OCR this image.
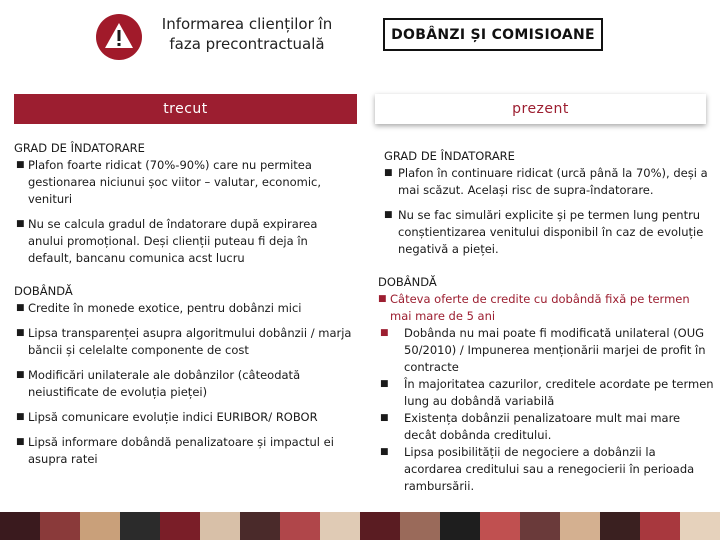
Informarea clienților în faza precontractuală
DOBÂNZI ȘI COMISIOANE
trecut	prezent

GRAD DE ÎNDATORARE

■ Plafon foarte ridicat (70%-90%) care nu permitea gestionarea niciunui șoc viitor – valutar, economic, venituri
■ Nu se calcula gradul de îndatorare după expirarea anului promoțional. Deși clienții puteau fi deja în default, bancanu comunica acst lucru

DOBÂNDĂ

■ Credite în monede exotice, pentru dobânzi mici
■ Lipsa transparenței asupra algoritmului dobânzii / marja băncii și celelalte componente de cost
■ Modificări unilaterale ale dobânzilor (câteodată neiustificate de evoluția pieței)
■ Lipsă comunicare evoluție indici EURIBOR/ ROBOR
■ Lipsă informare dobândă penalizatoare și impactul ei asupra ratei

GRAD DE ÎNDATORARE

■ Plafon în continuare ridicat (urcă până la 70%), deși a mai scăzut. Același risc de supra-îndatorare.
■ Nu se fac simulări explicite și pe termen lung pentru conștientizarea venitului disponibil în caz de evoluție negativă a pieței.

DOBÂNDĂ

■ Câteva oferte de credite cu dobândă fixă pe termen mai mare de 5 ani
■ Dobânda nu mai poate fi modificată unilateral (OUG 50/2010) / Impunerea menționării marjei de profit în contracte
■ În majoritatea cazurilor, creditele acordate pe termen lung au dobândă variabilă
■ Existența dobânzii penalizatoare mult mai mare decât dobânda creditului.
■ Lipsa posibilității de negociere a dobânzii la acordarea creditului sau a renegocierii în perioada rambursării.
